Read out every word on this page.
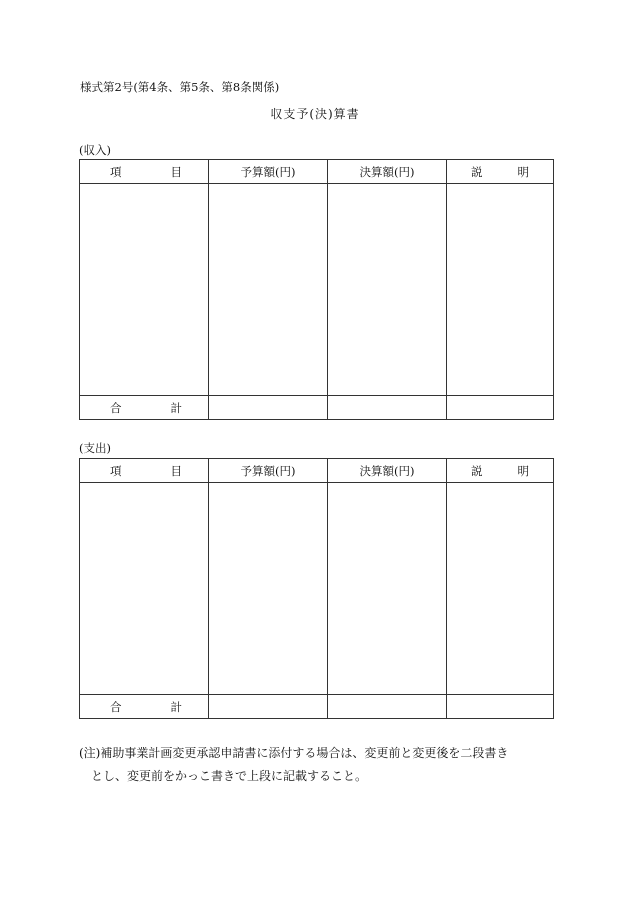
様式第2号(第4条、第5条、第8条関係)
収支予(決)算書
(収入)
項 目	予算額(円)	決算額(円)	説 明

合 計			

(支出)
項 目	予算額(円)	決算額(円)	説 明

合 計			

(注)補助事業計画変更承認申請書に添付する場合は、変更前と変更後を二段書き
とし、変更前をかっこ書きで上段に記載すること。
